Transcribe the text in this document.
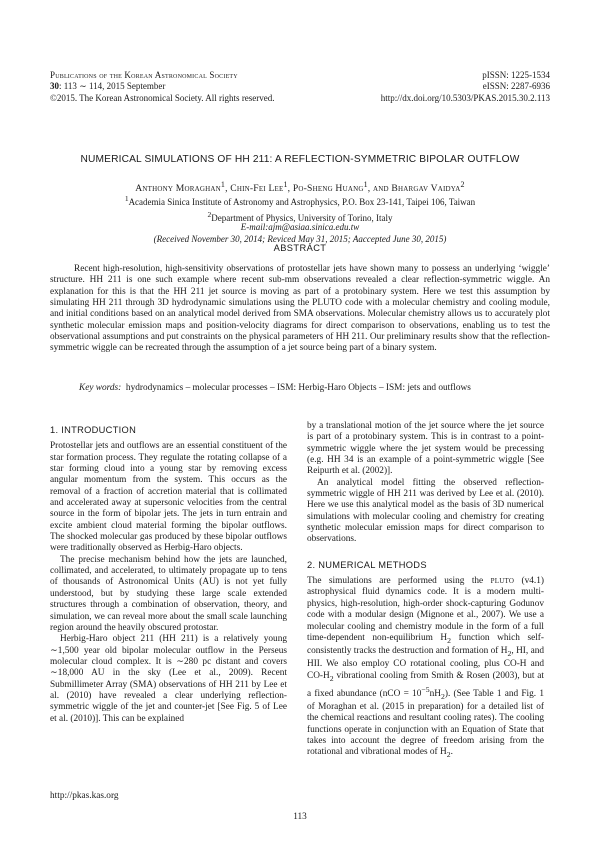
Publications of the Korean Astronomical Society
30: 113 ∼ 114, 2015 September
©2015. The Korean Astronomical Society. All rights reserved.
pISSN: 1225-1534
eISSN: 2287-6936
http://dx.doi.org/10.5303/PKAS.2015.30.2.113
NUMERICAL SIMULATIONS OF HH 211: A REFLECTION-SYMMETRIC BIPOLAR OUTFLOW
Anthony Moraghan$^1$, Chin-Fei Lee$^1$, Po-Sheng Huang$^1$, and Bhargav Vaidya$^2$
$^1$Academia Sinica Institute of Astronomy and Astrophysics, P.O. Box 23-141, Taipei 106, Taiwan
$^2$Department of Physics, University of Torino, Italy
E-mail:ajm@asiaa.sinica.edu.tw
(Received November 30, 2014; Reviced May 31, 2015; Aaccepted June 30, 2015)
ABSTRACT

Recent high-resolution, high-sensitivity observations of protostellar jets have shown many to possess an underlying ‘wiggle’ structure. HH 211 is one such example where recent sub-mm observations revealed a clear reflection-symmetric wiggle. An explanation for this is that the HH 211 jet source is moving as part of a protobinary system. Here we test this assumption by simulating HH 211 through 3D hydrodynamic simulations using the PLUTO code with a molecular chemistry and cooling module, and initial conditions based on an analytical model derived from SMA observations. Molecular chemistry allows us to accurately plot synthetic molecular emission maps and position-velocity diagrams for direct comparison to observations, enabling us to test the observational assumptions and put constraints on the physical parameters of HH 211. Our preliminary results show that the reflection-symmetric wiggle can be recreated through the assumption of a jet source being part of a binary system.

Key words: hydrodynamics – molecular processes – ISM: Herbig-Haro Objects – ISM: jets and outflows

1. INTRODUCTION

Protostellar jets and outflows are an essential constituent of the star formation process. They regulate the rotating collapse of a star forming cloud into a young star by removing excess angular momentum from the system. This occurs as the removal of a fraction of accretion material that is collimated and accelerated away at supersonic velocities from the central source in the form of bipolar jets. The jets in turn entrain and excite ambient cloud material forming the bipolar outflows. The shocked molecular gas produced by these bipolar outflows were traditionally observed as Herbig-Haro objects.

The precise mechanism behind how the jets are launched, collimated, and accelerated, to ultimately propagate up to tens of thousands of Astronomical Units (AU) is not yet fully understood, but by studying these large scale extended structures through a combination of observation, theory, and simulation, we can reveal more about the small scale launching region around the heavily obscured protostar.

Herbig-Haro object 211 (HH 211) is a relatively young ∼1,500 year old bipolar molecular outflow in the Perseus molecular cloud complex. It is ∼280 pc distant and covers ∼18,000 AU in the sky (Lee et al., 2009). Recent Submillimeter Array (SMA) observations of HH 211 by Lee et al. (2010) have revealed a clear underlying reflection-symmetric wiggle of the jet and counter-jet [See Fig. 5 of Lee et al. (2010)]. This can be explained

by a translational motion of the jet source where the jet source is part of a protobinary system. This is in contrast to a point-symmetric wiggle where the jet system would be precessing (e.g. HH 34 is an example of a point-symmetric wiggle [See Reipurth et al. (2002)].

An analytical model fitting the observed reflection-symmetric wiggle of HH 211 was derived by Lee et al. (2010). Here we use this analytical model as the basis of 3D numerical simulations with molecular cooling and chemistry for creating synthetic molecular emission maps for direct comparison to observations.

2. NUMERICAL METHODS

The simulations are performed using the pluto (v4.1) astrophysical fluid dynamics code. It is a modern multi-physics, high-resolution, high-order shock-capturing Godunov code with a modular design (Mignone et al., 2007). We use a molecular cooling and chemistry module in the form of a full time-dependent non-equilibrium $H_2$ function which self-consistently tracks the destruction and formation of $H_2$, HI, and HII. We also employ CO rotational cooling, plus CO-H and $CO-H_2$ vibrational cooling from Smith & Rosen (2003), but at a fixed abundance $(nCO = 10^{-5}nH_2)$. (See Table 1 and Fig. 1 of Moraghan et al. (2015 in preparation) for a detailed list of the chemical reactions and resultant cooling rates). The cooling functions operate in conjunction with an Equation of State that takes into account the degree of freedom arising from the rotational and vibrational modes of $H_2$.

http://pkas.kas.org
113
